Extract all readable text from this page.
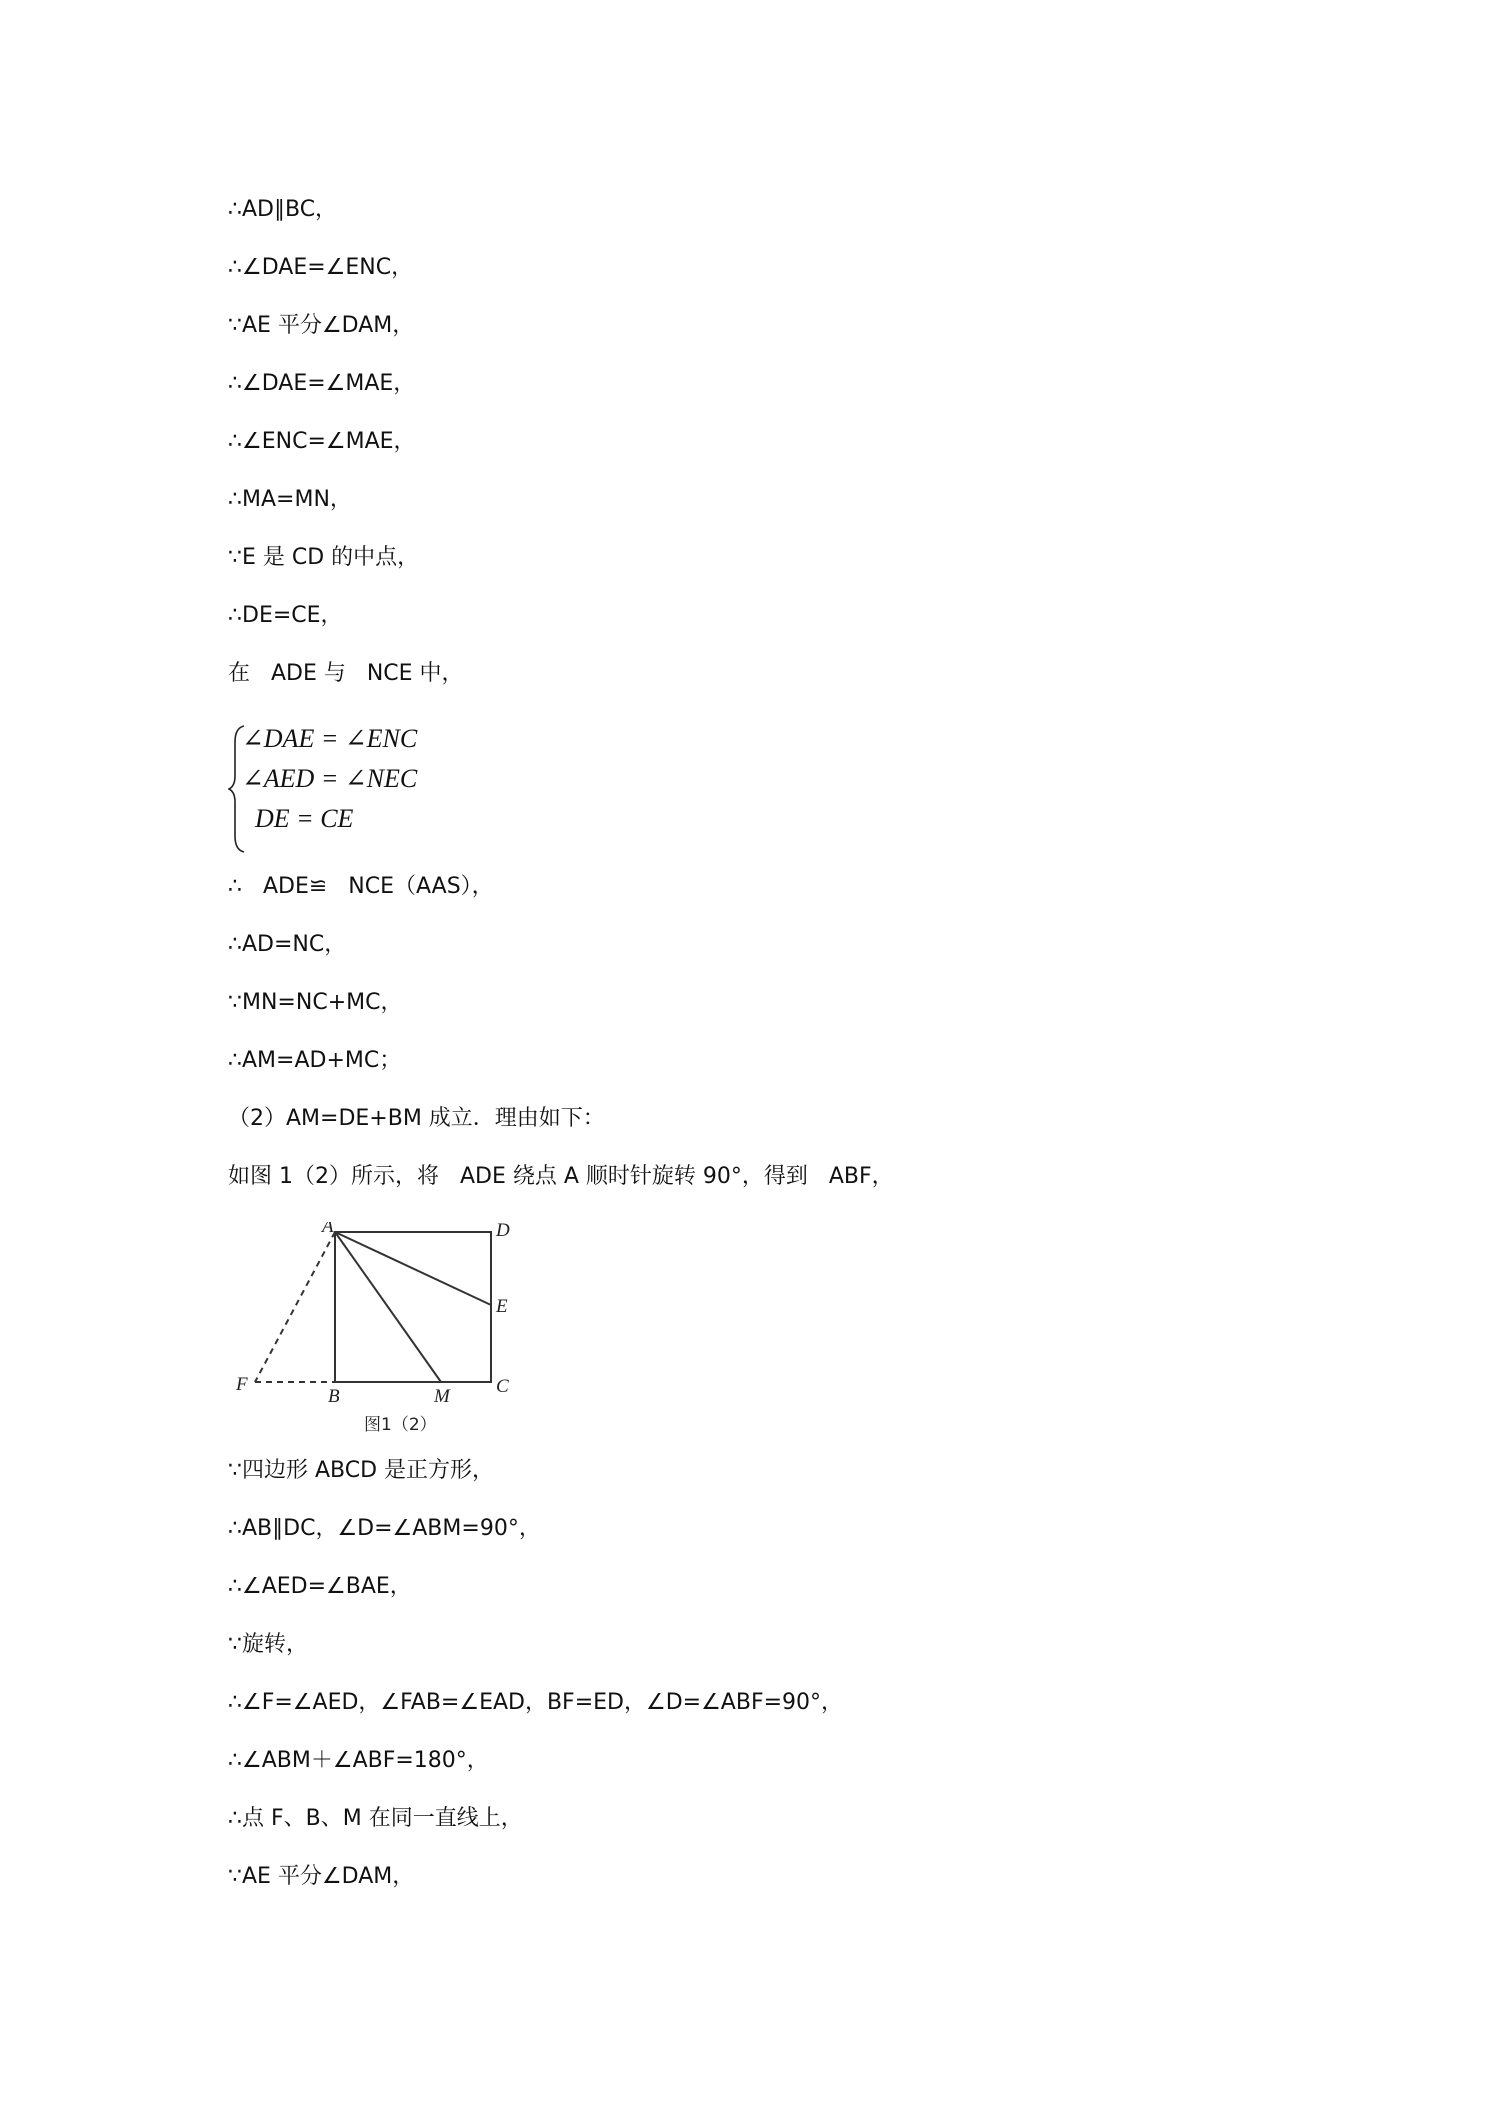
∴AD∥BC，
∴∠DAE=∠ENC，
∵AE 平分∠DAM，
∴∠DAE=∠MAE，
∴∠ENC=∠MAE，
∴MA=MN，
∵E 是 CD 的中点，
∴DE=CE，
在   ADE 与   NCE 中，
∠DAE = ∠ENC
∠AED = ∠NEC
DE = CE
∴   ADE≌   NCE（AAS），
∴AD=NC，
∵MN=NC+MC，
∴AM=AD+MC；
（2）AM=DE+BM 成立．理由如下：
如图 1（2）所示，将   ADE 绕点 A 顺时针旋转 90°，得到   ABF，
A	D
E
C
B	M
F
图1（2）
∵四边形 ABCD 是正方形，
∴AB∥DC，∠D=∠ABM=90°，
∴∠AED=∠BAE，
∵旋转，
∴∠F=∠AED，∠FAB=∠EAD，BF=ED，∠D=∠ABF=90°，
∴∠ABM＋∠ABF=180°，
∴点 F、B、M 在同一直线上，
∵AE 平分∠DAM，
